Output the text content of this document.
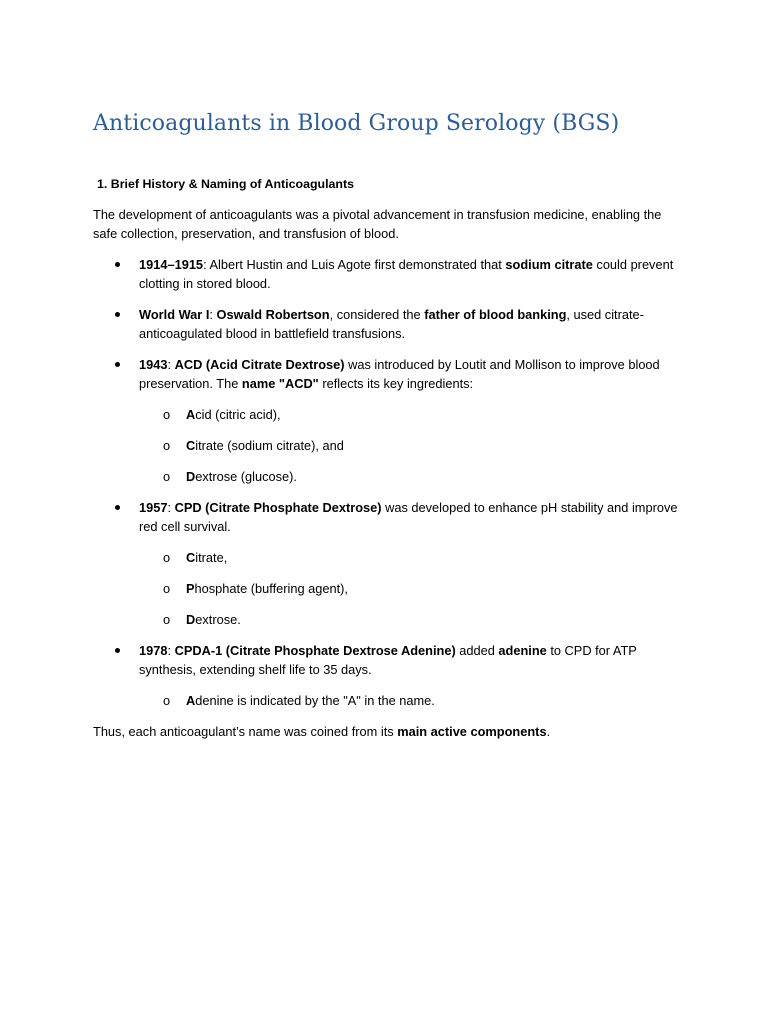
Anticoagulants in Blood Group Serology (BGS)
1. Brief History & Naming of Anticoagulants

The development of anticoagulants was a pivotal advancement in transfusion medicine, enabling the safe collection, preservation, and transfusion of blood.

1914–1915: Albert Hustin and Luis Agote first demonstrated that sodium citrate could prevent clotting in stored blood.
World War I: Oswald Robertson, considered the father of blood banking, used citrate-anticoagulated blood in battlefield transfusions.
1943: ACD (Acid Citrate Dextrose) was introduced by Loutit and Mollison to improve blood preservation. The name "ACD" reflects its key ingredients:
o Acid (citric acid),
o Citrate (sodium citrate), and
o Dextrose (glucose).
1957: CPD (Citrate Phosphate Dextrose) was developed to enhance pH stability and improve red cell survival.
o Citrate,
o Phosphate (buffering agent),
o Dextrose.
1978: CPDA-1 (Citrate Phosphate Dextrose Adenine) added adenine to CPD for ATP synthesis, extending shelf life to 35 days.
o Adenine is indicated by the "A" in the name.

Thus, each anticoagulant’s name was coined from its main active components.
